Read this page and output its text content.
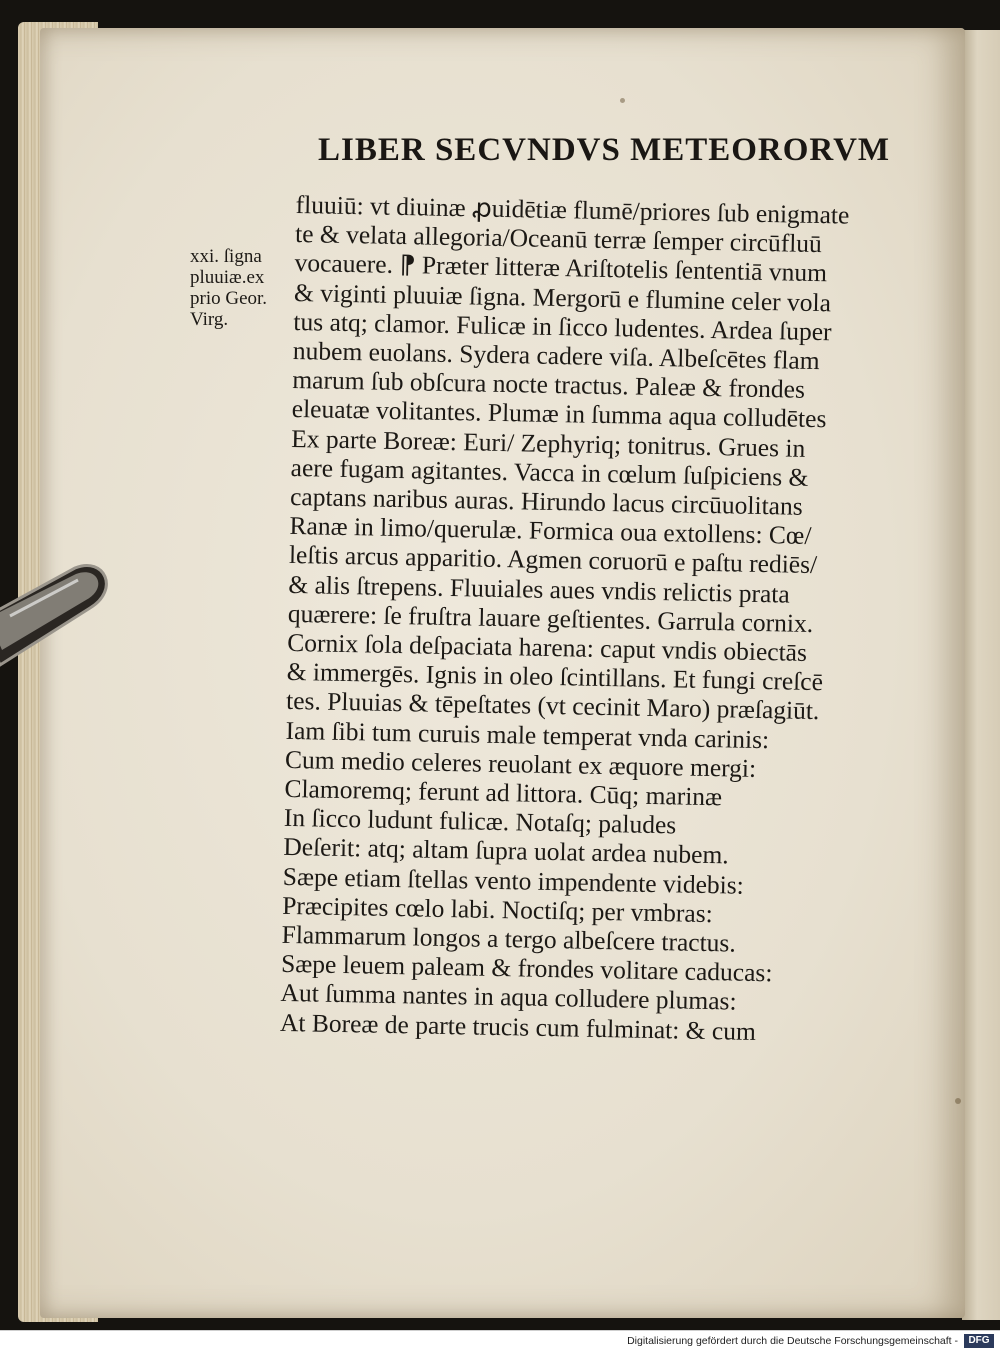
LIBER SECVNDVS METEORORVM
xxi. ſigna
pluuiæ.ex
prio Geor.
Virg.
fluuiū: vt diuinæ ꝓuidētiæ flumē/priores ſub enigmate
te & velata allegoria/Oceanū terræ ſemper circūfluū
vocauere. ⁋ Præter litteræ Ariſtotelis ſententiā vnum
& viginti pluuiæ ſigna. Mergorū e flumine celer vola
tus atq; clamor. Fulicæ in ſicco ludentes. Ardea ſuper
nubem euolans. Sydera cadere viſa. Albeſcētes flam
marum ſub obſcura nocte tractus. Paleæ & frondes
eleuatæ volitantes. Plumæ in ſumma aqua colludētes
Ex parte Boreæ: Euri/ Zephyriq; tonitrus. Grues in
aere fugam agitantes. Vacca in cœlum ſuſpiciens &
captans naribus auras. Hirundo lacus circūuolitans
Ranæ in limo/querulæ. Formica oua extollens: Cœ/
leſtis arcus apparitio. Agmen coruorū e paſtu rediēs/
& alis ſtrepens. Fluuiales aues vndis relictis prata
quærere: ſe fruſtra lauare geſtientes. Garrula cornix.
Cornix ſola deſpaciata harena: caput vndis obiectās
& immergēs. Ignis in oleo ſcintillans. Et fungi creſcē
tes. Pluuias & tēpeſtates (vt cecinit Maro) præſagiūt.
Iam ſibi tum curuis male temperat vnda carinis:
Cum medio celeres reuolant ex æquore mergi:
Clamoremq; ferunt ad littora. Cūq; marinæ
In ſicco ludunt fulicæ. Notaſq; paludes
Deſerit: atq; altam ſupra uolat ardea nubem.
Sæpe etiam ſtellas vento impendente videbis:
Præcipites cœlo labi. Noctiſq; per vmbras:
Flammarum longos a tergo albeſcere tractus.
Sæpe leuem paleam & frondes volitare caducas:
Aut ſumma nantes in aqua colludere plumas:
At Boreæ de parte trucis cum fulminat: & cum
Digitalisierung gefördert durch die Deutsche Forschungsgemeinschaft -	DFG
